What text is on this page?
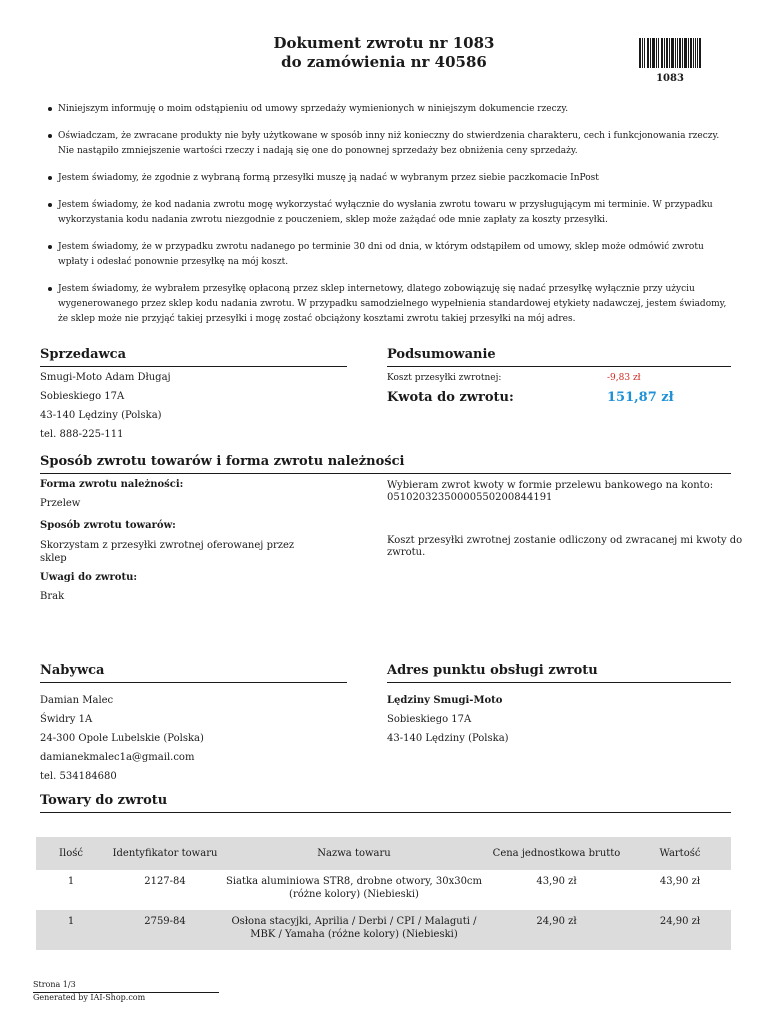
Dokument zwrotu nr 1083
do zamówienia nr 40586
1083
Niniejszym informuję o moim odstąpieniu od umowy sprzedaży wymienionych w niniejszym dokumencie rzeczy.
Oświadczam, że zwracane produkty nie były użytkowane w sposób inny niż konieczny do stwierdzenia charakteru, cech i funkcjonowania rzeczy. Nie nastąpiło zmniejszenie wartości rzeczy i nadają się one do ponownej sprzedaży bez obniżenia ceny sprzedaży.
Jestem świadomy, że zgodnie z wybraną formą przesyłki muszę ją nadać w wybranym przez siebie paczkomacie InPost
Jestem świadomy, że kod nadania zwrotu mogę wykorzystać wyłącznie do wysłania zwrotu towaru w przysługującym mi terminie. W przypadku wykorzystania kodu nadania zwrotu niezgodnie z pouczeniem, sklep może zażądać ode mnie zapłaty za koszty przesyłki.
Jestem świadomy, że w przypadku zwrotu nadanego po terminie 30 dni od dnia, w którym odstąpiłem od umowy, sklep może odmówić zwrotu wpłaty i odesłać ponownie przesyłkę na mój koszt.
Jestem świadomy, że wybrałem przesyłkę opłaconą przez sklep internetowy, dlatego zobowiązuję się nadać przesyłkę wyłącznie przy użyciu wygenerowanego przez sklep kodu nadania zwrotu. W przypadku samodzielnego wypełnienia standardowej etykiety nadawczej, jestem świadomy, że sklep może nie przyjąć takiej przesyłki i mogę zostać obciążony kosztami zwrotu takiej przesyłki na mój adres.
Sprzedawca
Smugi-Moto Adam Długaj
Sobieskiego 17A
43-140 Lędziny (Polska)
tel. 888-225-111
Podsumowanie
Koszt przesyłki zwrotnej:	-9,83 zł
Kwota do zwrotu:	151,87 zł
Sposób zwrotu towarów i forma zwrotu należności
Forma zwrotu należności:
Przelew
Sposób zwrotu towarów:
Skorzystam z przesyłki zwrotnej oferowanej przez
sklep
Uwagi do zwrotu:
Brak
Wybieram zwrot kwoty w formie przelewu bankowego na konto:
05102032350000550200844191
Koszt przesyłki zwrotnej zostanie odliczony od zwracanej mi kwoty do
zwrotu.
Nabywca
Damian Malec
Świdry 1A
24-300 Opole Lubelskie (Polska)
damianekmalec1a@gmail.com
tel. 534184680
Adres punktu obsługi zwrotu
Lędziny Smugi-Moto
Sobieskiego 17A
43-140 Lędziny (Polska)
Towary do zwrotu
Ilość	Identyfikator towaru	Nazwa towaru	Cena jednostkowa brutto	Wartość
1	2127-84	Siatka aluminiowa STR8, drobne otwory, 30x30cm
(różne kolory) (Niebieski)	43,90 zł	43,90 zł
1	2759-84	Osłona stacyjki, Aprilia / Derbi / CPI / Malaguti /
MBK / Yamaha (różne kolory) (Niebieski)	24,90 zł	24,90 zł
Strona 1/3
Generated by IAI-Shop.com
